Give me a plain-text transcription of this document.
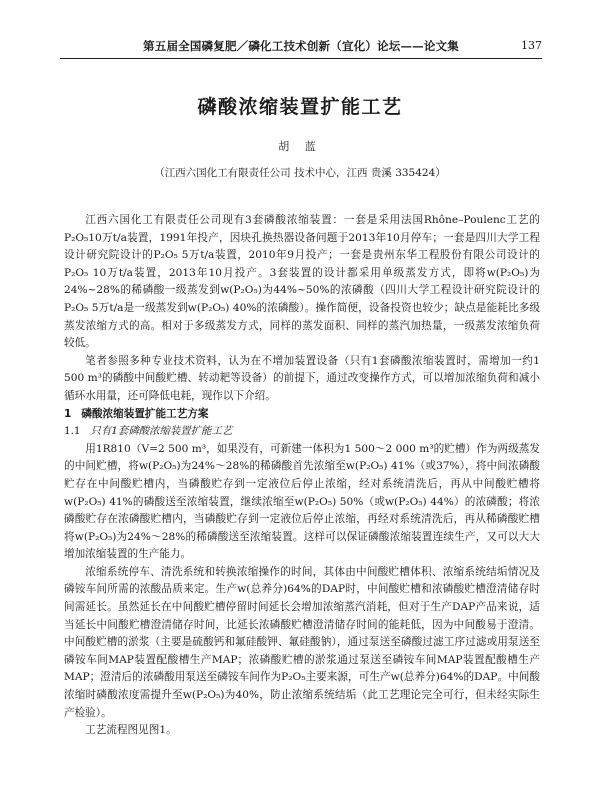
第五届全国磷复肥／磷化工技术创新（宜化）论坛——论文集	137
磷酸浓缩装置扩能工艺
胡 蓝
（江西六国化工有限责任公司 技术中心，江西 贵溪 335424）

江西六国化工有限责任公司现有3套磷酸浓缩装置：一套是采用法国Rhône–Poulenc工艺的P₂O₅10万t/a装置，1991年投产，因块孔换热器设备问题于2013年10月停车；一套是四川大学工程设计研究院设计的P₂O₅ 5万t/a装置，2010年9月投产；一套是贵州东华工程股份有限公司设计的P₂O₅ 10万t/a装置，2013年10月投产。3套装置的设计都采用单级蒸发方式，即将w(P₂O₅)为24%~28%的稀磷酸一级蒸发到w(P₂O₅)为44%~50%的浓磷酸（四川大学工程设计研究院设计的P₂O₅ 5万t/a是一级蒸发到w(P₂O₅) 40%的浓磷酸）。操作简便，设备投资也较少；缺点是能耗比多级蒸发浓缩方式的高。相对于多级蒸发方式，同样的蒸发面积、同样的蒸汽加热量，一级蒸发浓缩负荷较低。

笔者参照多种专业技术资料，认为在不增加装置设备（只有1套磷酸浓缩装置时，需增加一约1 500 m³的磷酸中间酸贮槽、转动耙等设备）的前提下，通过改变操作方式，可以增加浓缩负荷和减小循环水用量，还可降低电耗，现作以下介绍。

1 磷酸浓缩装置扩能工艺方案
1.1 只有1套磷酸浓缩装置扩能工艺

用1R810（V=2 500 m³，如果没有，可新建一体积为1 500～2 000 m³的贮槽）作为两级蒸发的中间贮槽，将w(P₂O₅)为24%～28%的稀磷酸首先浓缩至w(P₂O₅) 41%（或37%），将中间浓磷酸贮存在中间酸贮槽内，当磷酸贮存到一定液位后停止浓缩，经对系统清洗后，再从中间酸贮槽将w(P₂O₅) 41%的磷酸送至浓缩装置，继续浓缩至w(P₂O₅) 50%（或w(P₂O₅) 44%）的浓磷酸；将浓磷酸贮存在浓磷酸贮槽内，当磷酸贮存到一定液位后停止浓缩，再经对系统清洗后，再从稀磷酸贮槽将w(P₂O₅)为24%～28%的稀磷酸送至浓缩装置。这样可以保证磷酸浓缩装置连续生产，又可以大大增加浓缩装置的生产能力。

浓缩系统停车、清洗系统和转换浓缩操作的时间，其体由中间酸贮槽体积、浓缩系统结垢情况及磷铵车间所需的浓酸品质来定。生产w(总养分)64%的DAP时，中间酸贮槽和浓磷酸贮槽澄清储存时间需延长。虽然延长在中间酸贮槽停留时间延长会增加浓缩蒸汽消耗，但对于生产DAP产品来说，适当延长中间酸贮槽澄清储存时间，比延长浓磷酸贮槽澄清储存时间的能耗低，因为中间酸易于澄清。中间酸贮槽的淤浆（主要是硫酸钙和氟硅酸钾、氟硅酸钠），通过泵送至磷酸过滤工序过滤或用泵送至磷铵车间MAP装置配酸槽生产MAP；浓磷酸贮槽的淤浆通过泵送至磷铵车间MAP装置配酸槽生产MAP；澄清后的浓磷酸用泵送至磷铵车间作为P₂O₅主要来源，可生产w(总养分)64%的DAP。中间酸浓缩时磷酸浓度需提升至w(P₂O₅)为40%，防止浓缩系统结垢（此工艺理论完全可行，但未经实际生产检验）。

工艺流程图见图1。
